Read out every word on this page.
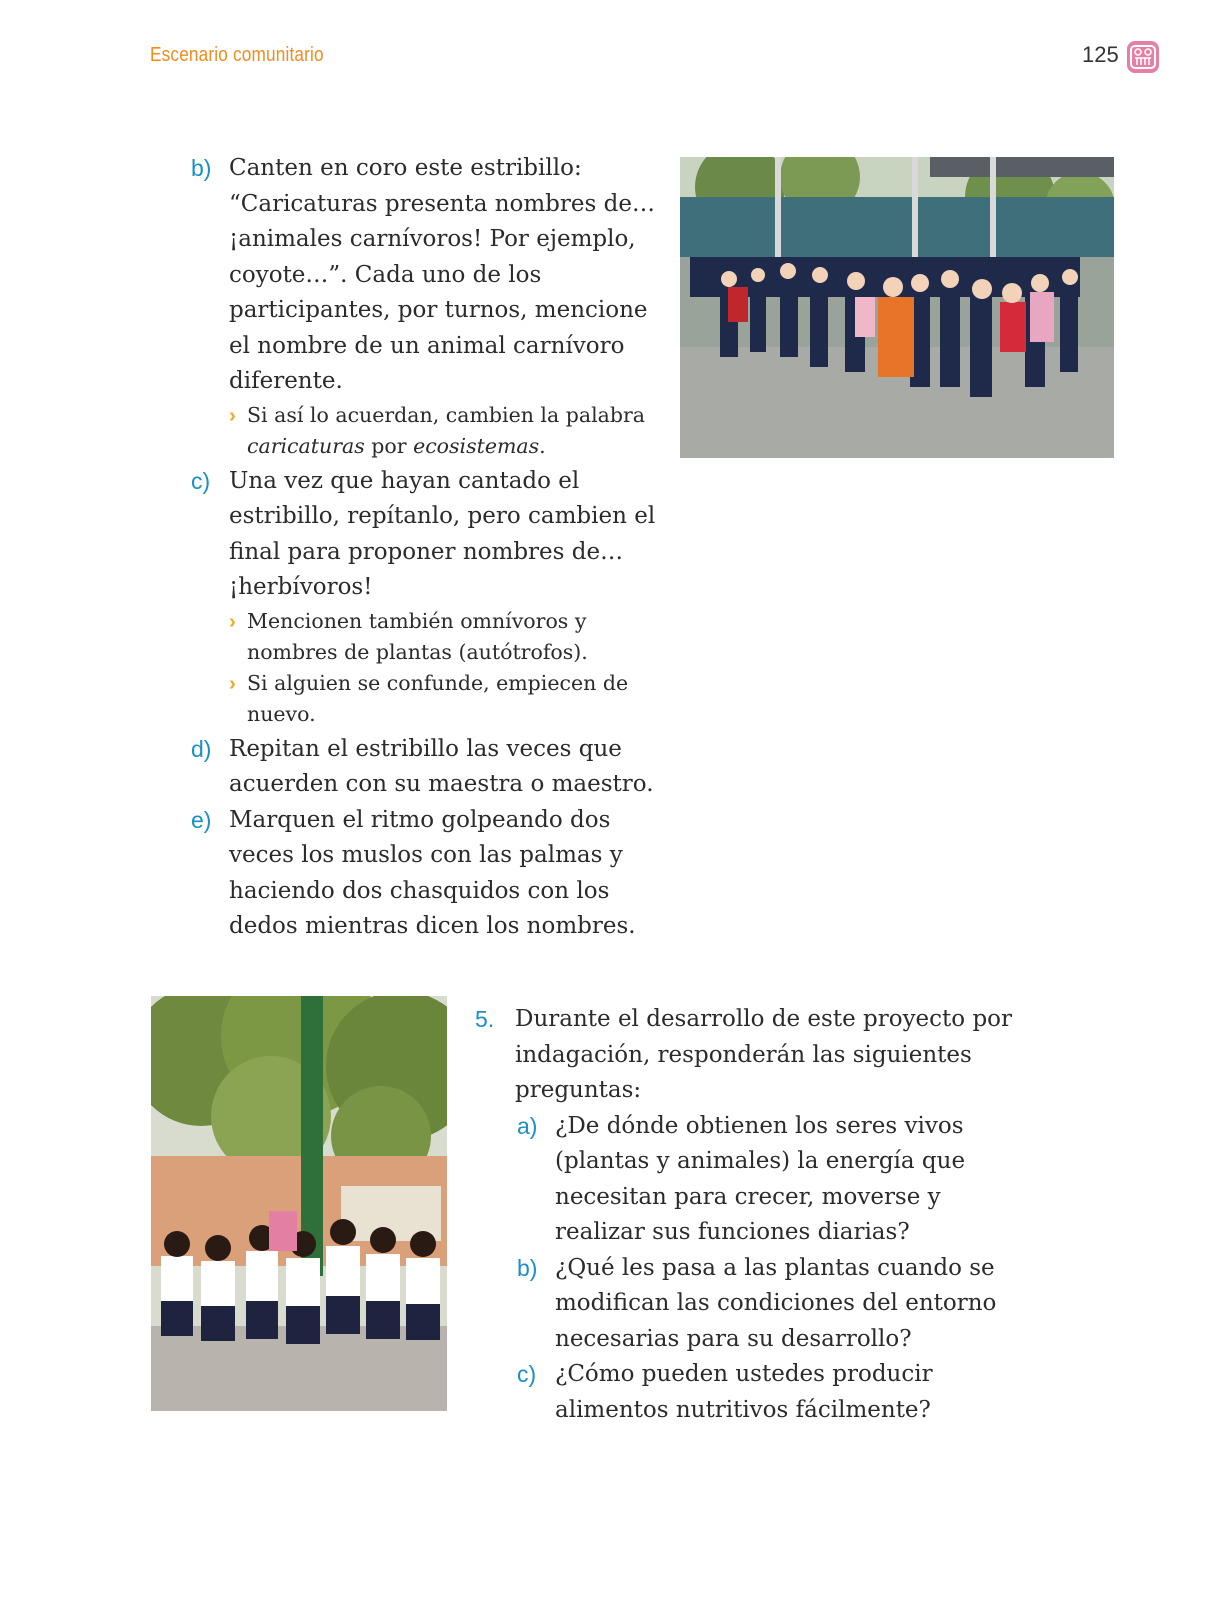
Escenario comunitario	125
b) Canten en coro este estribillo: “Caricaturas presenta nombres de… ¡animales carnívoros! Por ejemplo, coyote…”. Cada uno de los participantes, por turnos, mencione el nombre de un animal carnívoro diferente.
› Si así lo acuerdan, cambien la palabra caricaturas por ecosistemas.
c) Una vez que hayan cantado el estribillo, repítanlo, pero cambien el final para proponer nombres de… ¡herbívoros!
› Mencionen también omnívoros y nombres de plantas (autótrofos).
› Si alguien se confunde, empiecen de nuevo.
d) Repitan el estribillo las veces que acuerden con su maestra o maestro.
e) Marquen el ritmo golpeando dos veces los muslos con las palmas y haciendo dos chasquidos con los dedos mientras dicen los nombres.
5. Durante el desarrollo de este proyecto por indagación, responderán las siguientes preguntas:
a) ¿De dónde obtienen los seres vivos (plantas y animales) la energía que necesitan para crecer, moverse y realizar sus funciones diarias?
b) ¿Qué les pasa a las plantas cuando se modifican las condiciones del entorno necesarias para su desarrollo?
c) ¿Cómo pueden ustedes producir alimentos nutritivos fácilmente?
